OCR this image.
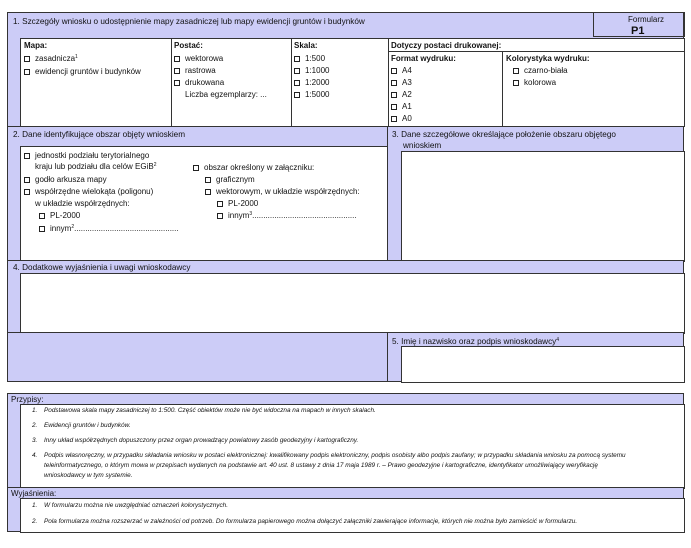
1. Szczegóły wniosku o udostępnienie mapy zasadniczej lub mapy ewidencji gruntów i budynków	Formularz
P1
Mapa:
zasadnicza$^1$
ewidencji gruntów i budynków
Postać:
wektorowa
rastrowa
drukowana
Liczba egzemplarzy: ...
Skala:
1:500
1:1000
1:2000
1:5000
Dotyczy postaci drukowanej:
Format wydruku:
A4
A3
A2
A1
A0
Kolorystyka wydruku:
czarno-biała
kolorowa
2. Dane identyfikujące obszar objęty wnioskiem
jednostki podziału terytorialnego
kraju lub podziału dla celów EGiB$^2$
godło arkusza mapy
współrzędne wielokąta (poligonu)
w układzie współrzędnych:
PL-2000
innym$^2$...............................................
obszar określony w załączniku:
graficznym
wektorowym, w układzie współrzędnych:
PL-2000
innym$^3$...............................................
3. Dane szczegółowe określające położenie obszaru objętego
wnioskiem
4. Dodatkowe wyjaśnienia i uwagi wnioskodawcy
5. Imię i nazwisko oraz podpis wnioskodawcy$^4$
Przypisy:
1. Podstawowa skala mapy zasadniczej to 1:500. Część obiektów może nie być widoczna na mapach w innych skalach.
2. Ewidencji gruntów i budynków.
3. Inny układ współrzędnych dopuszczony przez organ prowadzący powiatowy zasób geodezyjny i kartograficzny.
4. Podpis własnoręczny, w przypadku składania wniosku w postaci elektronicznej: kwalifikowany podpis elektroniczny, podpis osobisty albo podpis zaufany; w przypadku składania wniosku za pomocą systemu
teleinformatycznego, o którym mowa w przepisach wydanych na podstawie art. 40 ust. 8 ustawy z dnia 17 maja 1989 r. – Prawo geodezyjne i kartograficzne, identyfikator umożliwiający weryfikację
wnioskodawcy w tym systemie.
Wyjaśnienia:
1. W formularzu można nie uwzględniać oznaczeń kolorystycznych.
2. Pola formularza można rozszerzać w zależności od potrzeb. Do formularza papierowego można dołączyć załączniki zawierające informacje, których nie można było zamieścić w formularzu.
